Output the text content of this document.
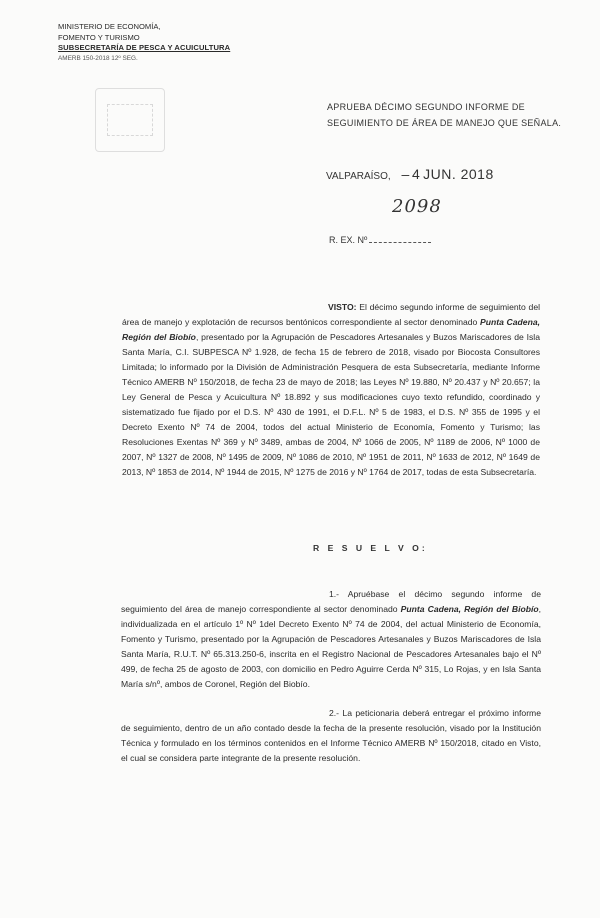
MINISTERIO DE ECONOMÍA,
FOMENTO Y TURISMO
SUBSECRETARÍA DE PESCA Y ACUICULTURA
AMERB 150-2018 12º SEG.
APRUEBA DÉCIMO SEGUNDO INFORME DE SEGUIMIENTO DE ÁREA DE MANEJO QUE SEÑALA.
VALPARAÍSO, – 4 JUN. 2018
2098
R. EX. Nº
VISTO: El décimo segundo informe de seguimiento del área de manejo y explotación de recursos bentónicos correspondiente al sector denominado Punta Cadena, Región del Biobío, presentado por la Agrupación de Pescadores Artesanales y Buzos Mariscadores de Isla Santa María, C.I. SUBPESCA Nº 1.928, de fecha 15 de febrero de 2018, visado por Biocosta Consultores Limitada; lo informado por la División de Administración Pesquera de esta Subsecretaría, mediante Informe Técnico AMERB Nº 150/2018, de fecha 23 de mayo de 2018; las Leyes Nº 19.880, Nº 20.437 y Nº 20.657; la Ley General de Pesca y Acuicultura Nº 18.892 y sus modificaciones cuyo texto refundido, coordinado y sistematizado fue fijado por el D.S. Nº 430 de 1991, el D.F.L. Nº 5 de 1983, el D.S. Nº 355 de 1995 y el Decreto Exento Nº 74 de 2004, todos del actual Ministerio de Economía, Fomento y Turismo; las Resoluciones Exentas Nº 369 y Nº 3489, ambas de 2004, Nº 1066 de 2005, Nº 1189 de 2006, Nº 1000 de 2007, Nº 1327 de 2008, Nº 1495 de 2009, Nº 1086 de 2010, Nº 1951 de 2011, Nº 1633 de 2012, Nº 1649 de 2013, Nº 1853 de 2014, Nº 1944 de 2015, Nº 1275 de 2016 y Nº 1764 de 2017, todas de esta Subsecretaría.
R E S U E L V O:
1.- Apruébase el décimo segundo informe de seguimiento del área de manejo correspondiente al sector denominado Punta Cadena, Región del Biobío, individualizada en el artículo 1º Nº 1del Decreto Exento Nº 74 de 2004, del actual Ministerio de Economía, Fomento y Turismo, presentado por la Agrupación de Pescadores Artesanales y Buzos Mariscadores de Isla Santa María, R.U.T. Nº 65.313.250-6, inscrita en el Registro Nacional de Pescadores Artesanales bajo el Nº 499, de fecha 25 de agosto de 2003, con domicilio en Pedro Aguirre Cerda Nº 315, Lo Rojas, y en Isla Santa María s/nº, ambos de Coronel, Región del Biobío.
2.- La peticionaria deberá entregar el próximo informe de seguimiento, dentro de un año contado desde la fecha de la presente resolución, visado por la Institución Técnica y formulado en los términos contenidos en el Informe Técnico AMERB Nº 150/2018, citado en Visto, el cual se considera parte integrante de la presente resolución.
